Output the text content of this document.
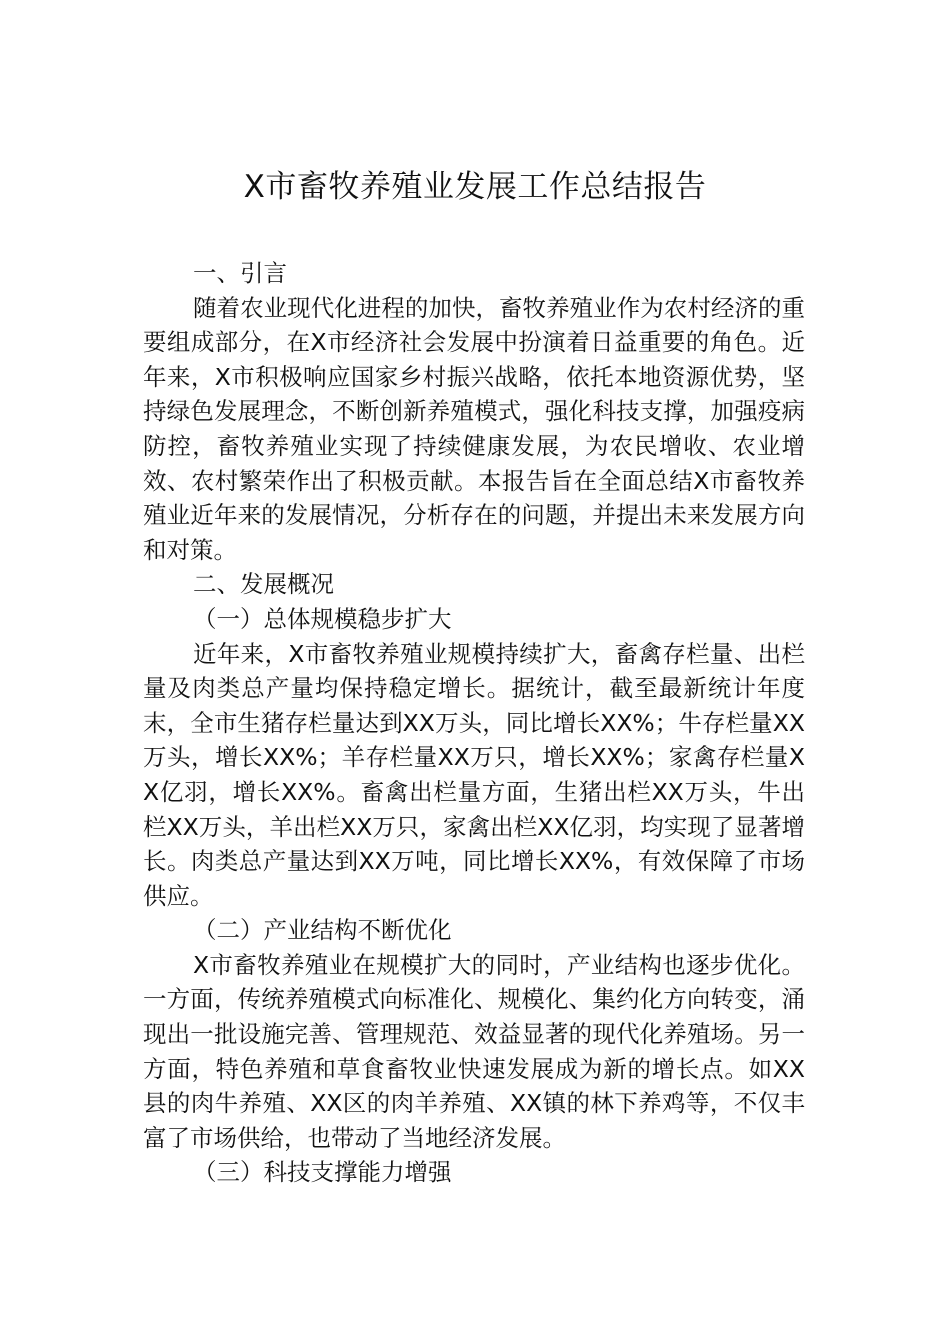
X市畜牧养殖业发展工作总结报告

一、引言

随着农业现代化进程的加快，畜牧养殖业作为农村经济的重要组成部分，在X市经济社会发展中扮演着日益重要的角色。近年来，X市积极响应国家乡村振兴战略，依托本地资源优势，坚持绿色发展理念，不断创新养殖模式，强化科技支撑，加强疫病防控，畜牧养殖业实现了持续健康发展，为农民增收、农业增效、农村繁荣作出了积极贡献。本报告旨在全面总结X市畜牧养殖业近年来的发展情况，分析存在的问题，并提出未来发展方向和对策。

二、发展概况

（一）总体规模稳步扩大

近年来，X市畜牧养殖业规模持续扩大，畜禽存栏量、出栏量及肉类总产量均保持稳定增长。据统计，截至最新统计年度末，全市生猪存栏量达到XX万头，同比增长XX%；牛存栏量XX万头，增长XX%；羊存栏量XX万只，增长XX%；家禽存栏量XX亿羽，增长XX%。畜禽出栏量方面，生猪出栏XX万头，牛出栏XX万头，羊出栏XX万只，家禽出栏XX亿羽，均实现了显著增长。肉类总产量达到XX万吨，同比增长XX%，有效保障了市场供应。

（二）产业结构不断优化

X市畜牧养殖业在规模扩大的同时，产业结构也逐步优化。一方面，传统养殖模式向标准化、规模化、集约化方向转变，涌现出一批设施完善、管理规范、效益显著的现代化养殖场。另一方面，特色养殖和草食畜牧业快速发展成为新的增长点。如XX县的肉牛养殖、XX区的肉羊养殖、XX镇的林下养鸡等，不仅丰富了市场供给，也带动了当地经济发展。

（三）科技支撑能力增强
